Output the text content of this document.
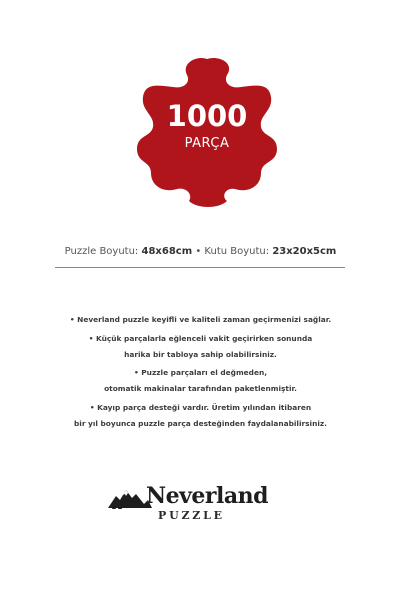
1000
PARÇA
Puzzle Boyutu: 48x68cm • Kutu Boyutu: 23x20x5cm
• Neverland puzzle keyifli ve kaliteli zaman geçirmenizi sağlar.
• Küçük parçalarla eğlenceli vakit geçirirken sonunda
harika bir tabloya sahip olabilirsiniz.
• Puzzle parçaları el değmeden,
otomatik makinalar tarafından paketlenmiştir.
• Kayıp parça desteği vardır. Üretim yılından itibaren
bir yıl boyunca puzzle parça desteğinden faydalanabilirsiniz.
Neverland
PUZZLE
